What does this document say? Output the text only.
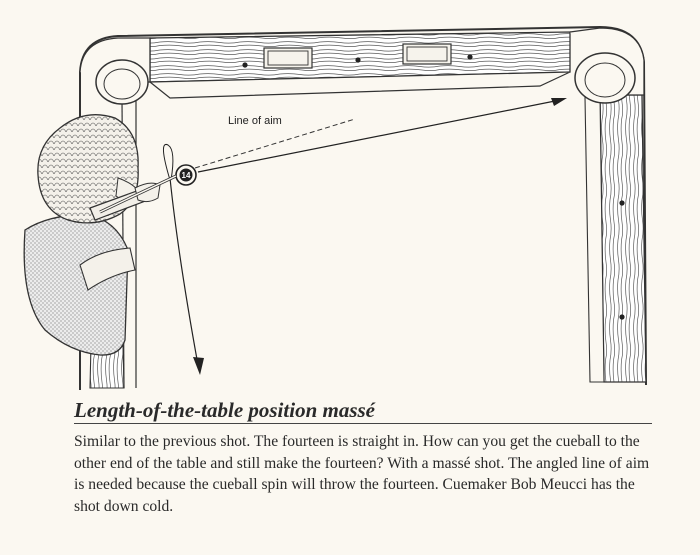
Line of aim
14
Length-of-the-table position massé

Similar to the previous shot. The fourteen is straight in. How can you get the cueball to the other end of the table and still make the fourteen? With a massé shot. The angled line of aim is needed because the cueball spin will throw the fourteen. Cuemaker Bob Meucci has the shot down cold.
